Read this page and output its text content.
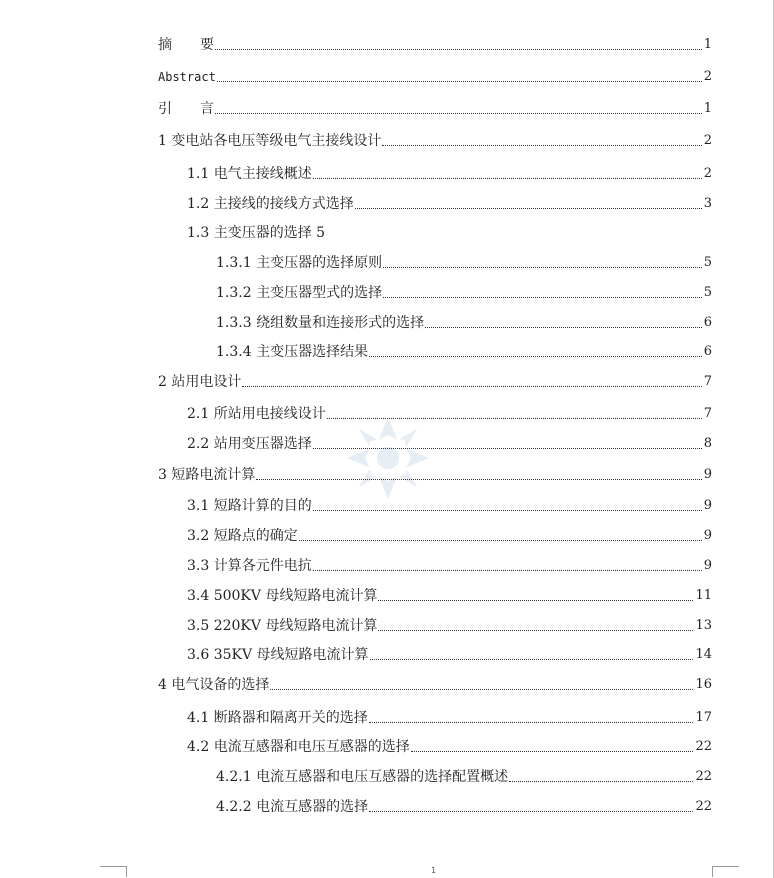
摘　　要	1
Abstract	2
引　　言	1
1 变电站各电压等级电气主接线设计	2
1.1 电气主接线概述	2
1.2 主接线的接线方式选择	3
1.3 主变压器的选择 5
1.3.1 主变压器的选择原则	5
1.3.2 主变压器型式的选择	5
1.3.3 绕组数量和连接形式的选择	6
1.3.4 主变压器选择结果	6
2 站用电设计	7
2.1 所站用电接线设计	7
2.2 站用变压器选择	8
3 短路电流计算	9
3.1 短路计算的目的	9
3.2 短路点的确定	9
3.3 计算各元件电抗	9
3.4 500KV 母线短路电流计算	11
3.5 220KV 母线短路电流计算	13
3.6 35KV 母线短路电流计算	14
4 电气设备的选择	16
4.1 断路器和隔离开关的选择	17
4.2 电流互感器和电压互感器的选择	22
4.2.1 电流互感器和电压互感器的选择配置概述	22
4.2.2 电流互感器的选择	22
1
